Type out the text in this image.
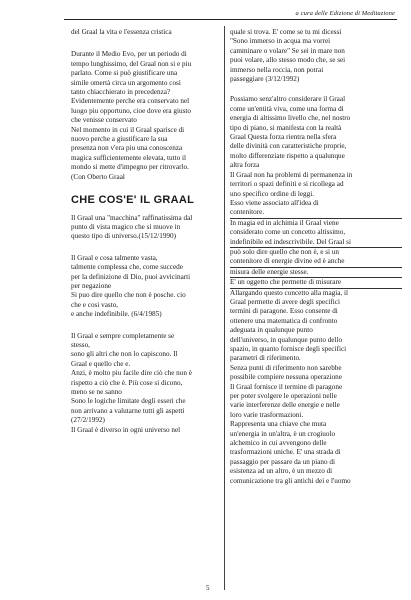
a cura delle Edizione di Meditazione

del Graal la vita e l'essenza cristica

Durante il Medio Evo, per un periodo di

tempo lunghissimo, del Graal non si e piu

parlato. Come si può giustificare una

simile omertà circa un argomento così

tanto chiacchierato in precedenza?

Evidentemente perche era conservato nel

luogo piu opportuno, cioe dove era giusto

che venisse conservato

Nel momento in cui il Graal sparisce di

nuovo perche a giustificare la sua

presenza non v'era piu una conoscenza

magica sufficientemente elevata, tutto il

mondo si mette d'impegno per ritrovarlo.

(Con Oberto Graal

CHE COS'E' IL GRAAL

Il Graal una "macchina" raffinatissima dal

punto di vista magico che si muove in

questo tipo di universo.(15/12/1990)

Il Graal e cosa talmente vasta,

talmente complessa che, come succede

per la definizione di Dio, puoi avvicinarti

per negazione

Si puo dire quello che non è posche. cio

che e cosi vasto,

e anche indefinibile. (6/4/1985)

Il Graal e sempre completamente se

stesso,

sono gli altri che non lo capiscono. Il

Graal e quello che e.

Anzi, è molto piu facile dire ciò che non è

rispetto a ciò che è. Più cose si dicono,

meno se ne sanno

Sono le logiche limitate degli esseri che

non arrivano a valutarne tutti gli aspetti

(27/2/1992)

Il Graal è diverso in ogni universo nel

quale si trova. E' come se tu mi dicessi

"Sono immerso in acqua ma vorrei

camminare o volare" Se sei in mare non

puoi volare, allo stesso modo che, se sei

immerso nella roccia, non potrai

passeggiare (3/12/1992)

Possiamo senz'altro considerare il Graal

come un'entità viva, come una forma di

energia di altissimo livello che, nel nostro

tipo di piano, si manifesta con la realtà

Graal Questa forza rientra nella sfera

delle divinità con caratteristiche proprie,

molto differenziate rispetto a qualunque

altra forza

Il Graal non ha problemi di permanenza in

territori o spazi definiti e si ricollega ad

uno specifico ordine di leggi.

Esso viene associato all'idea di

contenitore.

In magia ed in alchimia il Graal viene

considerato come un concetto altissimo,

indefinibile ed indescrivibile. Del Graal si

può solo dire quello che non è, e si un

contenitore di energie divine ed è anche

misura delle energie stesse.

E' un oggetto che permette di misurare

Allargando questo concetto alla magia, il

Graal permette di avere degli specifici

termini di paragone. Esso consente di

ottenere una matematica di confronto

adeguata in qualunque punto

dell'universo, in qualunque punto dello

spazio, in quanto fornisce degli specifici

parametri di riferimento.

Senza punti di riferimento non sarebbe

possibile compiere nessuna operazione

Il Graal fornisce il termine di paragone

per poter svolgere le operazioni nelle

varie interferenze delle energie e nelle

loro varie trasformazioni.

Rappresenta una chiave che muta

un'energia in un'altra, è un crogiuolo

alchemico in cui avvengono delle

trasformazioni uniche. E' una strada di

passaggio per passare da un piano di

esistenza ad un altro, è un mezzo di

comunicazione tra gli antichi dei e l'uomo

5
